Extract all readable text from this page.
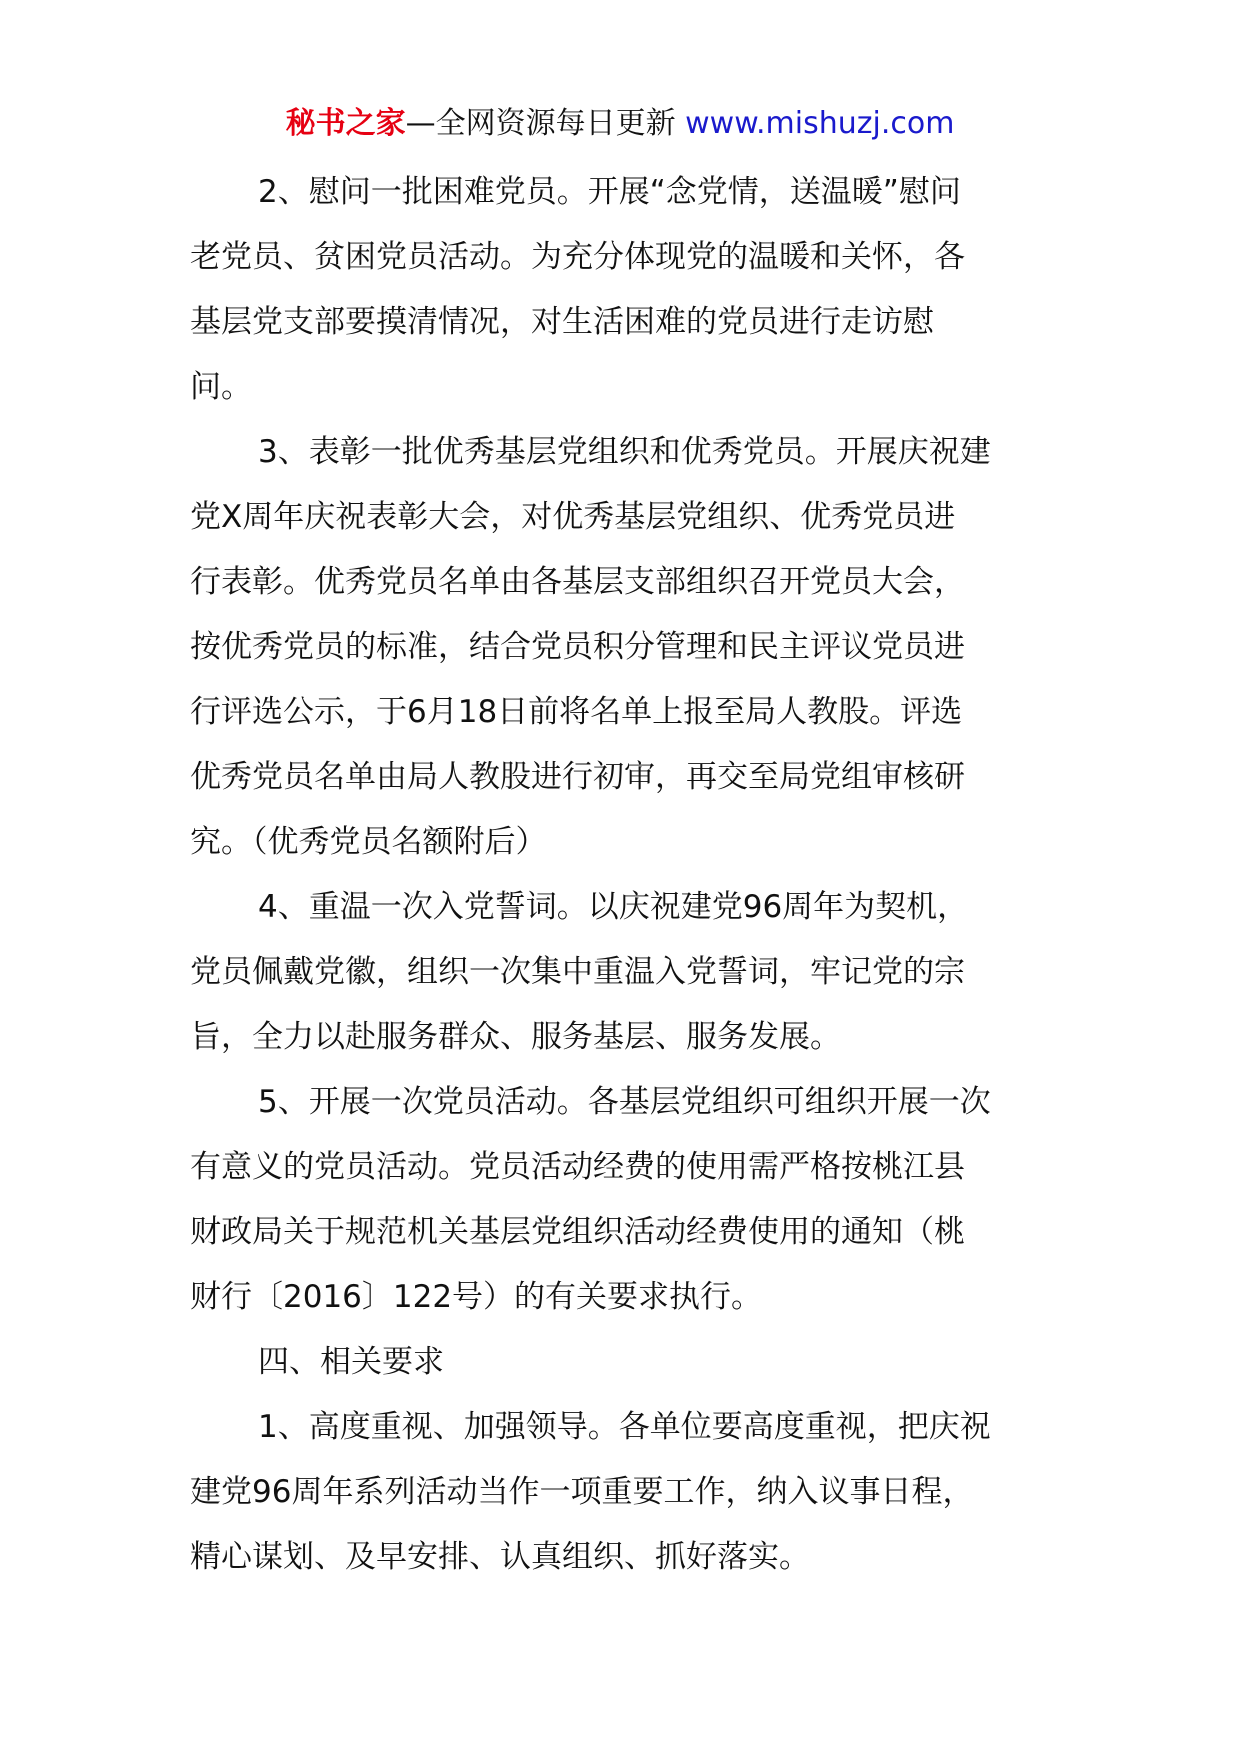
秘书之家—全网资源每日更新 www.mishuzj.com

2、慰问一批困难党员。开展“念党情，送温暖”慰问
老党员、贫困党员活动。为充分体现党的温暖和关怀，各
基层党支部要摸清情况，对生活困难的党员进行走访慰
问。

3、表彰一批优秀基层党组织和优秀党员。开展庆祝建
党X周年庆祝表彰大会，对优秀基层党组织、优秀党员进
行表彰。优秀党员名单由各基层支部组织召开党员大会，
按优秀党员的标准，结合党员积分管理和民主评议党员进
行评选公示，于6月18日前将名单上报至局人教股。评选
优秀党员名单由局人教股进行初审，再交至局党组审核研
究。（优秀党员名额附后）

4、重温一次入党誓词。以庆祝建党96周年为契机，
党员佩戴党徽，组织一次集中重温入党誓词，牢记党的宗
旨，全力以赴服务群众、服务基层、服务发展。

5、开展一次党员活动。各基层党组织可组织开展一次
有意义的党员活动。党员活动经费的使用需严格按桃江县
财政局关于规范机关基层党组织活动经费使用的通知（桃
财行〔2016〕122号）的有关要求执行。

四、相关要求

1、高度重视、加强领导。各单位要高度重视，把庆祝
建党96周年系列活动当作一项重要工作，纳入议事日程，
精心谋划、及早安排、认真组织、抓好落实。
